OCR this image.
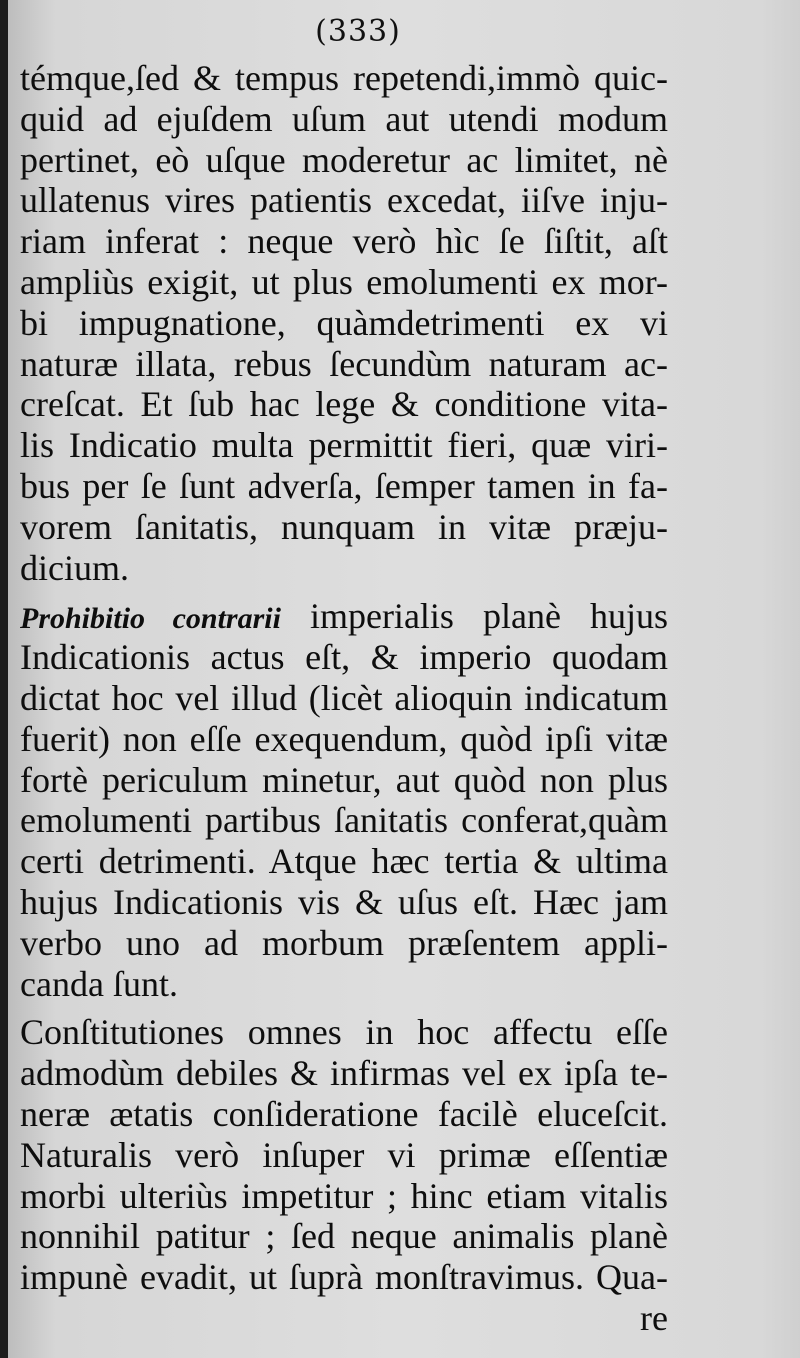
(333)
témque,ſed & tempus repetendi,immò quic-
quid ad ejuſdem uſum aut utendi modum
pertinet, eò uſque moderetur ac limitet, nè
ullatenus vires patientis excedat, iiſve inju-
riam inferat : neque verò hìc ſe ſiſtit, aſt
ampliùs exigit, ut plus emolumenti ex mor-
bi impugnatione, quàmdetrimenti ex vi
naturæ illata, rebus ſecundùm naturam ac-
creſcat. Et ſub hac lege & conditione vita-
lis Indicatio multa permittit fieri, quæ viri-
bus per ſe ſunt adverſa, ſemper tamen in fa-
vorem ſanitatis, nunquam in vitæ præju-
dicium.
Prohibitio contrarii imperialis planè hujus
Indicationis actus eſt, & imperio quodam
dictat hoc vel illud (licèt alioquin indicatum
fuerit) non eſſe exequendum, quòd ipſi vitæ
fortè periculum minetur, aut quòd non plus
emolumenti partibus ſanitatis conferat,quàm
certi detrimenti. Atque hæc tertia & ultima
hujus Indicationis vis & uſus eſt. Hæc jam
verbo uno ad morbum præſentem appli-
canda ſunt.
Conſtitutiones omnes in hoc affectu eſſe
admodùm debiles & infirmas vel ex ipſa te-
neræ ætatis conſideratione facilè eluceſcit.
Naturalis verò inſuper vi primæ eſſentiæ
morbi ulteriùs impetitur ; hinc etiam vitalis
nonnihil patitur ; ſed neque animalis planè
impunè evadit, ut ſuprà monſtravimus. Qua-
re
